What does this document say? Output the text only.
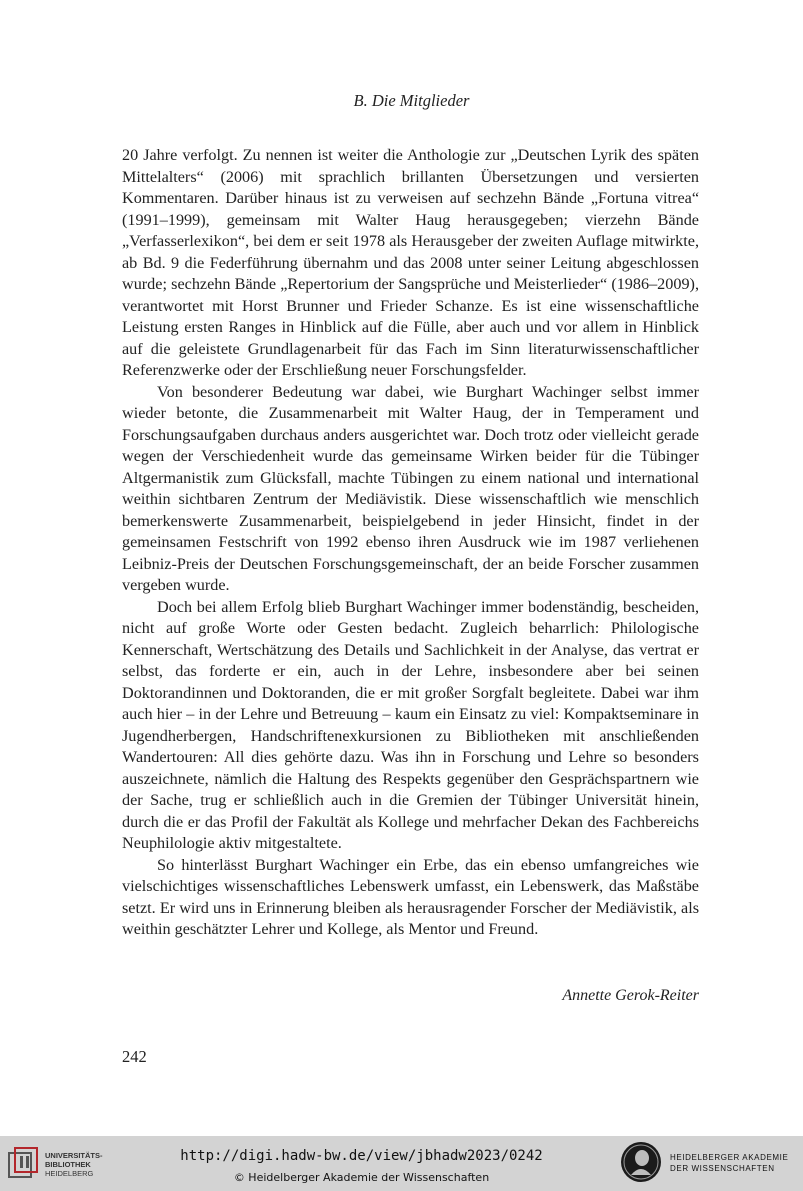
B. Die Mitglieder

20 Jahre verfolgt. Zu nennen ist weiter die Anthologie zur „Deutschen Lyrik des späten Mittelalters“ (2006) mit sprachlich brillanten Übersetzungen und versierten Kommentaren. Darüber hinaus ist zu verweisen auf sechzehn Bände „Fortuna vitrea“ (1991–1999), gemeinsam mit Walter Haug herausgegeben; vierzehn Bände „Verfasserlexikon“, bei dem er seit 1978 als Herausgeber der zweiten Auflage mitwirkte, ab Bd. 9 die Federführung übernahm und das 2008 unter seiner Leitung abgeschlossen wurde; sechzehn Bände „Repertorium der Sangsprüche und Meisterlieder“ (1986–2009), verantwortet mit Horst Brunner und Frieder Schanze. Es ist eine wissenschaftliche Leistung ersten Ranges in Hinblick auf die Fülle, aber auch und vor allem in Hinblick auf die geleistete Grundlagenarbeit für das Fach im Sinn literaturwissenschaftlicher Referenzwerke oder der Erschließung neuer Forschungsfelder.

Von besonderer Bedeutung war dabei, wie Burghart Wachinger selbst immer wieder betonte, die Zusammenarbeit mit Walter Haug, der in Temperament und Forschungsaufgaben durchaus anders ausgerichtet war. Doch trotz oder vielleicht gerade wegen der Verschiedenheit wurde das gemeinsame Wirken beider für die Tübinger Altgermanistik zum Glücksfall, machte Tübingen zu einem national und international weithin sichtbaren Zentrum der Mediävistik. Diese wissenschaftlich wie menschlich bemerkenswerte Zusammenarbeit, beispielgebend in jeder Hinsicht, findet in der gemeinsamen Festschrift von 1992 ebenso ihren Ausdruck wie im 1987 verliehenen Leibniz-Preis der Deutschen Forschungsgemeinschaft, der an beide Forscher zusammen vergeben wurde.

Doch bei allem Erfolg blieb Burghart Wachinger immer bodenständig, bescheiden, nicht auf große Worte oder Gesten bedacht. Zugleich beharrlich: Philologische Kennerschaft, Wertschätzung des Details und Sachlichkeit in der Analyse, das vertrat er selbst, das forderte er ein, auch in der Lehre, insbesondere aber bei seinen Doktorandinnen und Doktoranden, die er mit großer Sorgfalt begleitete. Dabei war ihm auch hier – in der Lehre und Betreuung – kaum ein Einsatz zu viel: Kompaktseminare in Jugendherbergen, Handschriftenexkursionen zu Bibliotheken mit anschließenden Wandertouren: All dies gehörte dazu. Was ihn in Forschung und Lehre so besonders auszeichnete, nämlich die Haltung des Respekts gegenüber den Gesprächspartnern wie der Sache, trug er schließlich auch in die Gremien der Tübinger Universität hinein, durch die er das Profil der Fakultät als Kollege und mehrfacher Dekan des Fachbereichs Neuphilologie aktiv mitgestaltete.

So hinterlässt Burghart Wachinger ein Erbe, das ein ebenso umfangreiches wie vielschichtiges wissenschaftliches Lebenswerk umfasst, ein Lebenswerk, das Maßstäbe setzt. Er wird uns in Erinnerung bleiben als herausragender Forscher der Mediävistik, als weithin geschätzter Lehrer und Kollege, als Mentor und Freund.

Annette Gerok-Reiter
242
UNIVERSITÄTS-
BIBLIOTHEK
HEIDELBERG
http://digi.hadw-bw.de/view/jbhadw2023/0242
© Heidelberger Akademie der Wissenschaften
HEIDELBERGER AKADEMIE
DER WISSENSCHAFTEN
